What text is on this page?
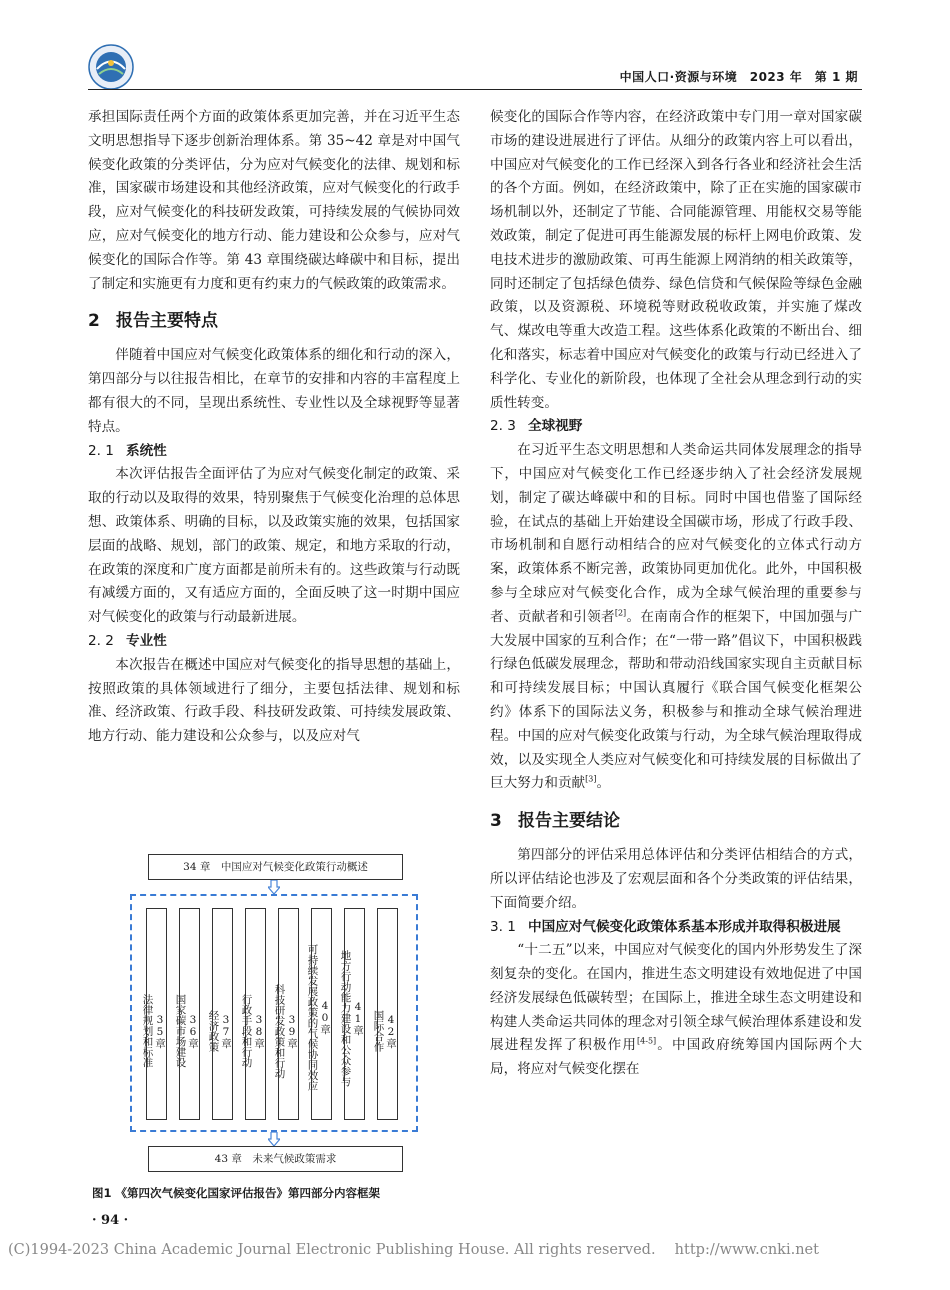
中国人口·资源与环境　2023 年　第 1 期

承担国际责任两个方面的政策体系更加完善，并在习近平生态文明思想指导下逐步创新治理体系。第 35~42 章是对中国气候变化政策的分类评估，分为应对气候变化的法律、规划和标准，国家碳市场建设和其他经济政策，应对气候变化的行政手段，应对气候变化的科技研发政策，可持续发展的气候协同效应，应对气候变化的地方行动、能力建设和公众参与，应对气候变化的国际合作等。第 43 章围绕碳达峰碳中和目标，提出了制定和实施更有力度和更有约束力的气候政策的政策需求。

2 报告主要特点

伴随着中国应对气候变化政策体系的细化和行动的深入，第四部分与以往报告相比，在章节的安排和内容的丰富程度上都有很大的不同，呈现出系统性、专业性以及全球视野等显著特点。

2. 1 系统性

本次评估报告全面评估了为应对气候变化制定的政策、采取的行动以及取得的效果，特别聚焦于气候变化治理的总体思想、政策体系、明确的目标，以及政策实施的效果，包括国家层面的战略、规划，部门的政策、规定，和地方采取的行动，在政策的深度和广度方面都是前所未有的。这些政策与行动既有减缓方面的，又有适应方面的，全面反映了这一时期中国应对气候变化的政策与行动最新进展。

2. 2 专业性

本次报告在概述中国应对气候变化的指导思想的基础上，按照政策的具体领域进行了细分，主要包括法律、规划和标准、经济政策、行政手段、科技研发政策、可持续发展政策、地方行动、能力建设和公众参与，以及应对气

34 章　中国应对气候变化政策行动概述
35章
法律规划和标准	36章
国家碳市场建设	37章
经济政策	38章
行政手段和行动	39章
科技研发政策和行动	40章
可持续发展政策的气候协同效应	41章
地方行动能力建设和公众参与	42章
国际合作
43 章　未来气候政策需求
图1 《第四次气候变化国家评估报告》第四部分内容框架
· 94 ·

候变化的国际合作等内容，在经济政策中专门用一章对国家碳市场的建设进展进行了评估。从细分的政策内容上可以看出，中国应对气候变化的工作已经深入到各行各业和经济社会生活的各个方面。例如，在经济政策中，除了正在实施的国家碳市场机制以外，还制定了节能、合同能源管理、用能权交易等能效政策，制定了促进可再生能源发展的标杆上网电价政策、发电技术进步的激励政策、可再生能源上网消纳的相关政策等，同时还制定了包括绿色债券、绿色信贷和气候保险等绿色金融政策，以及资源税、环境税等财政税收政策，并实施了煤改气、煤改电等重大改造工程。这些体系化政策的不断出台、细化和落实，标志着中国应对气候变化的政策与行动已经进入了科学化、专业化的新阶段，也体现了全社会从理念到行动的实质性转变。

2. 3 全球视野

在习近平生态文明思想和人类命运共同体发展理念的指导下，中国应对气候变化工作已经逐步纳入了社会经济发展规划，制定了碳达峰碳中和的目标。同时中国也借鉴了国际经验，在试点的基础上开始建设全国碳市场，形成了行政手段、市场机制和自愿行动相结合的应对气候变化的立体式行动方案，政策体系不断完善，政策协同更加优化。此外，中国积极参与全球应对气候变化合作，成为全球气候治理的重要参与者、贡献者和引领者[2]。在南南合作的框架下，中国加强与广大发展中国家的互利合作；在“一带一路”倡议下，中国积极践行绿色低碳发展理念，帮助和带动沿线国家实现自主贡献目标和可持续发展目标；中国认真履行《联合国气候变化框架公约》体系下的国际法义务，积极参与和推动全球气候治理进程。中国的应对气候变化政策与行动，为全球气候治理取得成效，以及实现全人类应对气候变化和可持续发展的目标做出了巨大努力和贡献[3]。

3 报告主要结论

第四部分的评估采用总体评估和分类评估相结合的方式，所以评估结论也涉及了宏观层面和各个分类政策的评估结果，下面简要介绍。

3. 1 中国应对气候变化政策体系基本形成并取得积极进展

“十二五”以来，中国应对气候变化的国内外形势发生了深刻复杂的变化。在国内，推进生态文明建设有效地促进了中国经济发展绿色低碳转型；在国际上，推进全球生态文明建设和构建人类命运共同体的理念对引领全球气候治理体系建设和发展进程发挥了积极作用[4-5]。中国政府统筹国内国际两个大局，将应对气候变化摆在

(C)1994-2023 China Academic Journal Electronic Publishing House. All rights reserved.　 http://www.cnki.net
